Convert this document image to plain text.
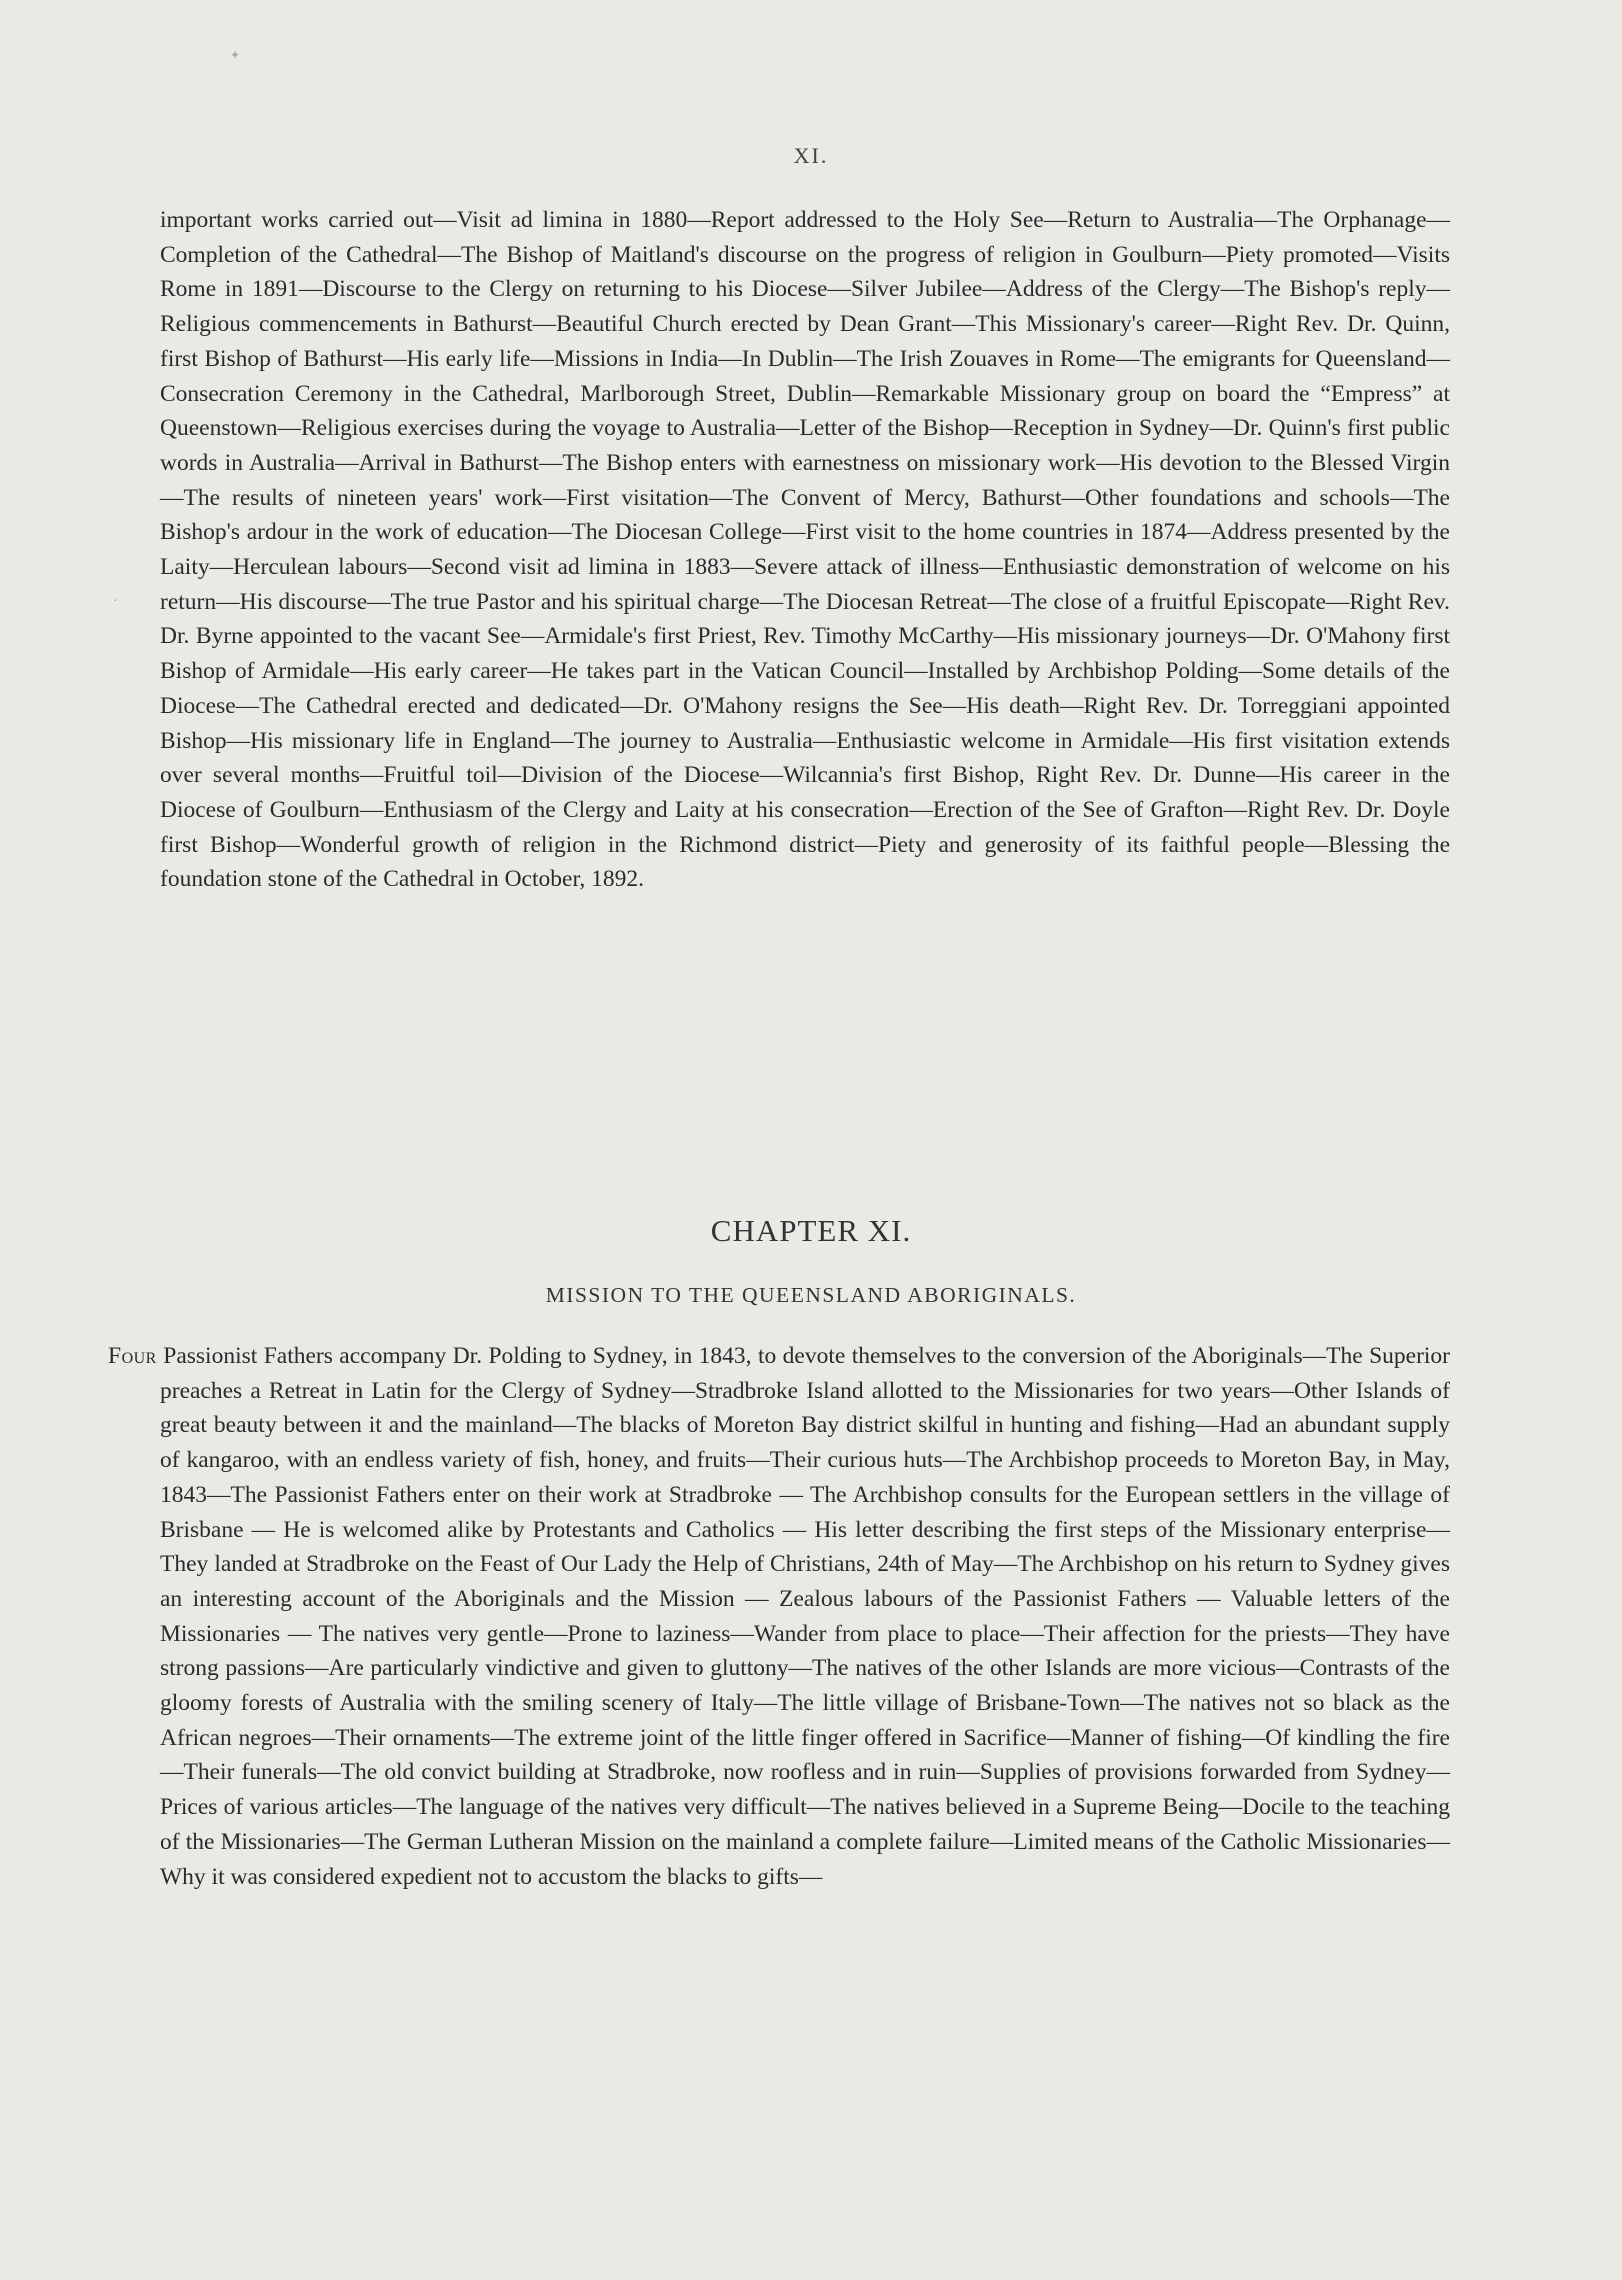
✦
·
XI.

important works carried out—Visit ad limina in 1880—Report addressed to the Holy See—Return to Australia—The Orphanage—Completion of the Cathedral—The Bishop of Maitland's discourse on the progress of religion in Goulburn—Piety promoted—Visits Rome in 1891—Discourse to the Clergy on returning to his Diocese—Silver Jubilee—Address of the Clergy—The Bishop's reply—Religious commencements in Bathurst—Beautiful Church erected by Dean Grant—This Missionary's career—Right Rev. Dr. Quinn, first Bishop of Bathurst—His early life—Missions in India—In Dublin—The Irish Zouaves in Rome—The emigrants for Queensland—Consecration Ceremony in the Cathedral, Marlborough Street, Dublin—Remarkable Missionary group on board the “Empress” at Queenstown—Religious exercises during the voyage to Australia—Letter of the Bishop—Reception in Sydney—Dr. Quinn's first public words in Australia—Arrival in Bathurst—The Bishop enters with earnestness on missionary work—His devotion to the Blessed Virgin—The results of nineteen years' work—First visitation—The Convent of Mercy, Bathurst—Other foundations and schools—The Bishop's ardour in the work of education—The Diocesan College—First visit to the home countries in 1874—Address presented by the Laity—Herculean labours—Second visit ad limina in 1883—Severe attack of illness—Enthusiastic demonstration of welcome on his return—His discourse—The true Pastor and his spiritual charge—The Diocesan Retreat—The close of a fruitful Episcopate—Right Rev. Dr. Byrne appointed to the vacant See—Armidale's first Priest, Rev. Timothy McCarthy—His missionary journeys—Dr. O'Mahony first Bishop of Armidale—His early career—He takes part in the Vatican Council—Installed by Archbishop Polding—Some details of the Diocese—The Cathedral erected and dedicated—Dr. O'Mahony resigns the See—His death—Right Rev. Dr. Torreggiani appointed Bishop—His missionary life in England—The journey to Australia—Enthusiastic welcome in Armidale—His first visitation extends over several months—Fruitful toil—Division of the Diocese—Wilcannia's first Bishop, Right Rev. Dr. Dunne—His career in the Diocese of Goulburn—Enthusiasm of the Clergy and Laity at his consecration—Erection of the See of Grafton—Right Rev. Dr. Doyle first Bishop—Wonderful growth of religion in the Richmond district—Piety and generosity of its faithful people—Blessing the foundation stone of the Cathedral in October, 1892.

CHAPTER XI.
MISSION TO THE QUEENSLAND ABORIGINALS.

Four Passionist Fathers accompany Dr. Polding to Sydney, in 1843, to devote themselves to the conversion of the Aboriginals—The Superior preaches a Retreat in Latin for the Clergy of Sydney—Stradbroke Island allotted to the Missionaries for two years—Other Islands of great beauty between it and the mainland—The blacks of Moreton Bay district skilful in hunting and fishing—Had an abundant supply of kangaroo, with an endless variety of fish, honey, and fruits—Their curious huts—The Archbishop proceeds to Moreton Bay, in May, 1843—The Passionist Fathers enter on their work at Stradbroke — The Archbishop consults for the European settlers in the village of Brisbane — He is welcomed alike by Protestants and Catholics — His letter describing the first steps of the Missionary enterprise—They landed at Stradbroke on the Feast of Our Lady the Help of Christians, 24th of May—The Archbishop on his return to Sydney gives an interesting account of the Aboriginals and the Mission — Zealous labours of the Passionist Fathers — Valuable letters of the Missionaries — The natives very gentle—Prone to laziness—Wander from place to place—Their affection for the priests—They have strong passions—Are particularly vindictive and given to gluttony—The natives of the other Islands are more vicious—Contrasts of the gloomy forests of Australia with the smiling scenery of Italy—The little village of Brisbane-Town—The natives not so black as the African negroes—Their ornaments—The extreme joint of the little finger offered in Sacrifice—Manner of fishing—Of kindling the fire—Their funerals—The old convict building at Stradbroke, now roofless and in ruin—Supplies of provisions forwarded from Sydney—Prices of various articles—The language of the natives very difficult—The natives believed in a Supreme Being—Docile to the teaching of the Missionaries—The German Lutheran Mission on the mainland a complete failure—Limited means of the Catholic Missionaries—Why it was considered expedient not to accustom the blacks to gifts—
